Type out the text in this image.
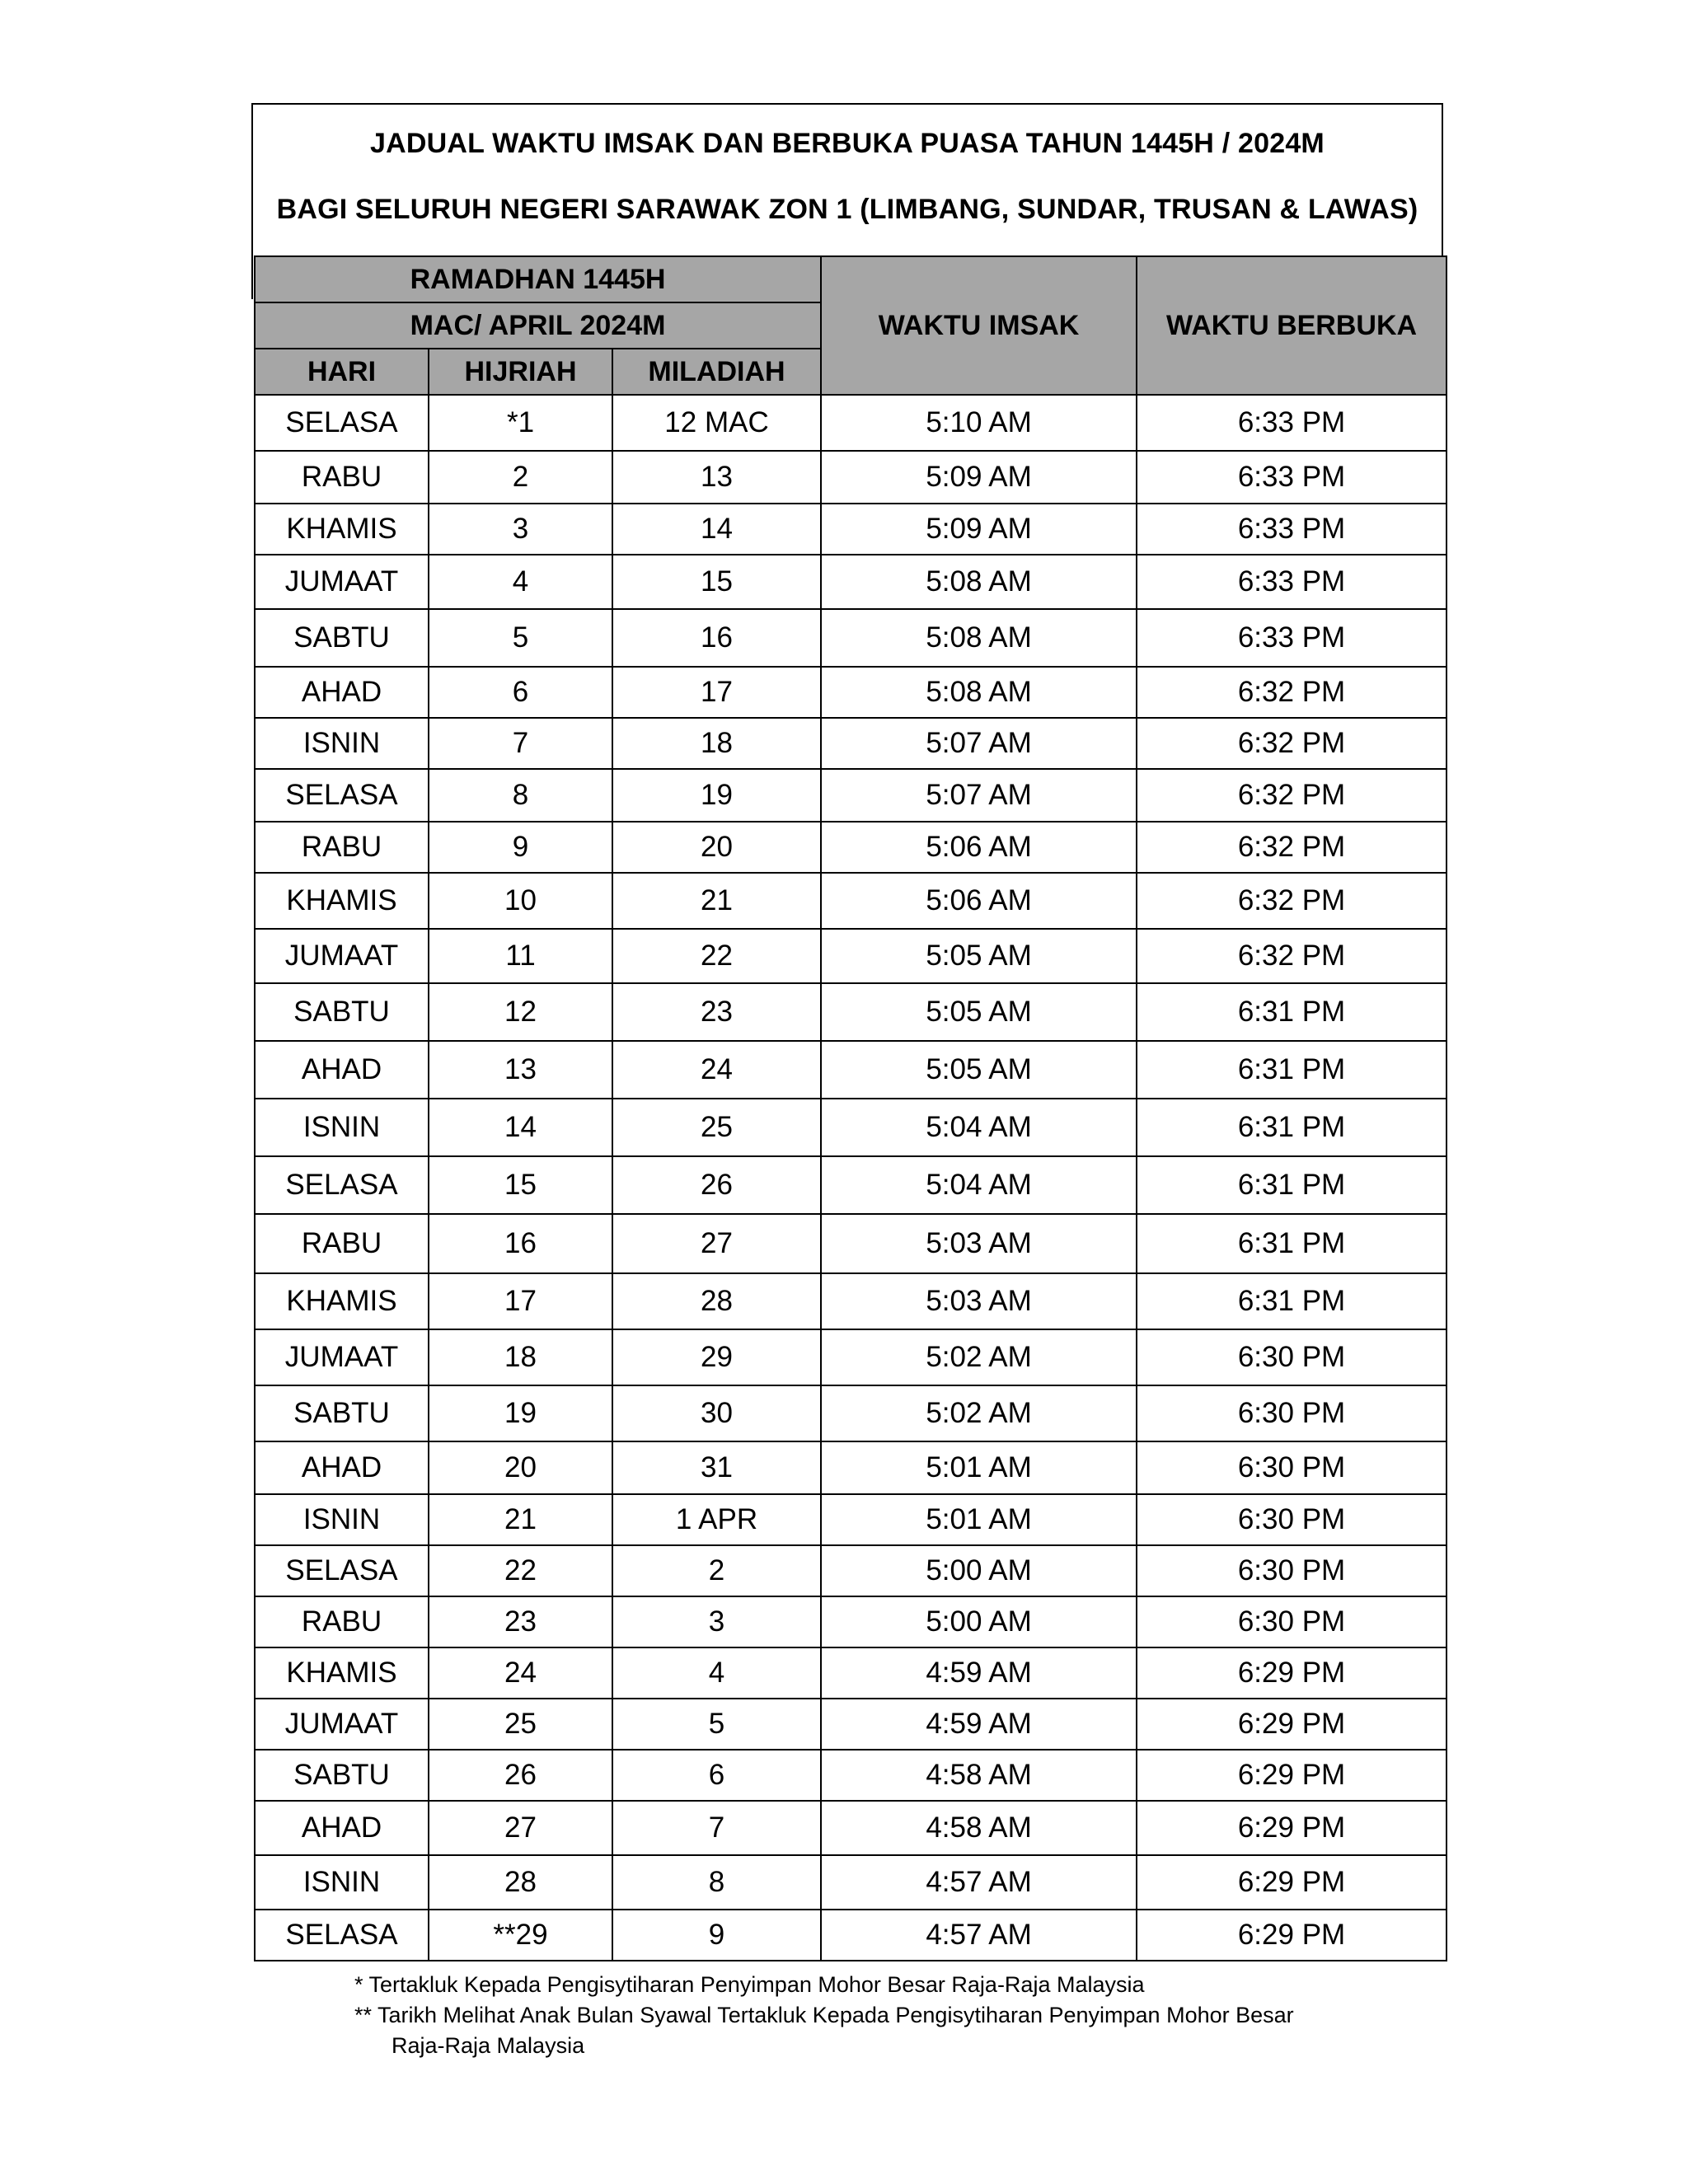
JADUAL WAKTU IMSAK DAN BERBUKA PUASA TAHUN 1445H / 2024M
BAGI SELURUH NEGERI SARAWAK ZON 1 (LIMBANG, SUNDAR, TRUSAN & LAWAS)
RAMADHAN 1445H			WAKTU IMSAK	WAKTU BERBUKA
MAC/ APRIL 2024M				
HARI	HIJRIAH	MILADIAH		
SELASA	*1	12 MAC	5:10 AM	6:33 PM
RABU	2	13	5:09 AM	6:33 PM
KHAMIS	3	14	5:09 AM	6:33 PM
JUMAAT	4	15	5:08 AM	6:33 PM
SABTU	5	16	5:08 AM	6:33 PM
AHAD	6	17	5:08 AM	6:32 PM
ISNIN	7	18	5:07 AM	6:32 PM
SELASA	8	19	5:07 AM	6:32 PM
RABU	9	20	5:06 AM	6:32 PM
KHAMIS	10	21	5:06 AM	6:32 PM
JUMAAT	11	22	5:05 AM	6:32 PM
SABTU	12	23	5:05 AM	6:31 PM
AHAD	13	24	5:05 AM	6:31 PM
ISNIN	14	25	5:04 AM	6:31 PM
SELASA	15	26	5:04 AM	6:31 PM
RABU	16	27	5:03 AM	6:31 PM
KHAMIS	17	28	5:03 AM	6:31 PM
JUMAAT	18	29	5:02 AM	6:30 PM
SABTU	19	30	5:02 AM	6:30 PM
AHAD	20	31	5:01 AM	6:30 PM
ISNIN	21	1 APR	5:01 AM	6:30 PM
SELASA	22	2	5:00 AM	6:30 PM
RABU	23	3	5:00 AM	6:30 PM
KHAMIS	24	4	4:59 AM	6:29 PM
JUMAAT	25	5	4:59 AM	6:29 PM
SABTU	26	6	4:58 AM	6:29 PM
AHAD	27	7	4:58 AM	6:29 PM
ISNIN	28	8	4:57 AM	6:29 PM
SELASA	**29	9	4:57 AM	6:29 PM
* Tertakluk Kepada Pengisytiharan Penyimpan Mohor Besar Raja-Raja Malaysia
** Tarikh Melihat Anak Bulan Syawal Tertakluk Kepada Pengisytiharan Penyimpan Mohor Besar
Raja-Raja Malaysia
